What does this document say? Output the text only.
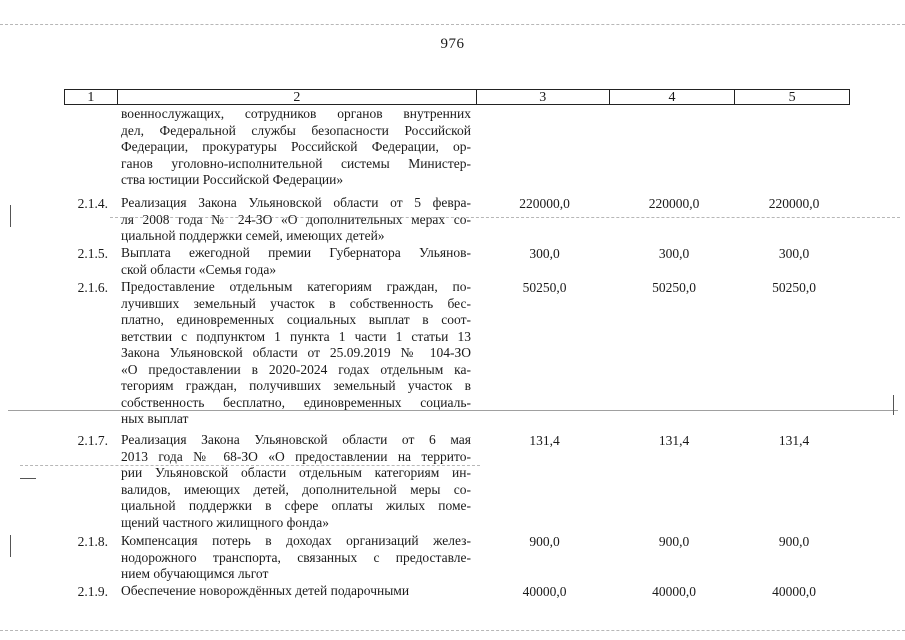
976
1	2	3	4	5
военнослужащих, сотрудников органов внутренних
дел, Федеральной службы безопасности Российской
Федерации, прокуратуры Российской Федерации, ор-
ганов уголовно-исполнительной системы Министер-
ства юстиции Российской Федерации»
2.1.4. Реализация Закона Ульяновской области от 5 февра-
ля 2008 года № 24-ЗО «О дополнительных мерах со-
циальной поддержки семей, имеющих детей»
220000,0	220000,0	220000,0
2.1.5. Выплата ежегодной премии Губернатора Ульянов-
ской области «Семья года»
300,0	300,0	300,0
2.1.6. Предоставление отдельным категориям граждан, по-
лучивших земельный участок в собственность бес-
платно, единовременных социальных выплат в соот-
ветствии с подпунктом 1 пункта 1 части 1 статьи 13
Закона Ульяновской области от 25.09.2019 № 104-ЗО
«О предоставлении в 2020-2024 годах отдельным ка-
тегориям граждан, получивших земельный участок в
собственность бесплатно, единовременных социаль-
ных выплат
50250,0	50250,0	50250,0
2.1.7. Реализация Закона Ульяновской области от 6 мая
2013 года № 68-ЗО «О предоставлении на террито-
рии Ульяновской области отдельным категориям ин-
валидов, имеющих детей, дополнительной меры со-
циальной поддержки в сфере оплаты жилых поме-
щений частного жилищного фонда»
131,4	131,4	131,4
2.1.8. Компенсация потерь в доходах организаций желез-
нодорожного транспорта, связанных с предоставле-
нием обучающимся льгот
900,0	900,0	900,0
2.1.9. Обеспечение новорождённых детей подарочными	40000,0	40000,0	40000,0
